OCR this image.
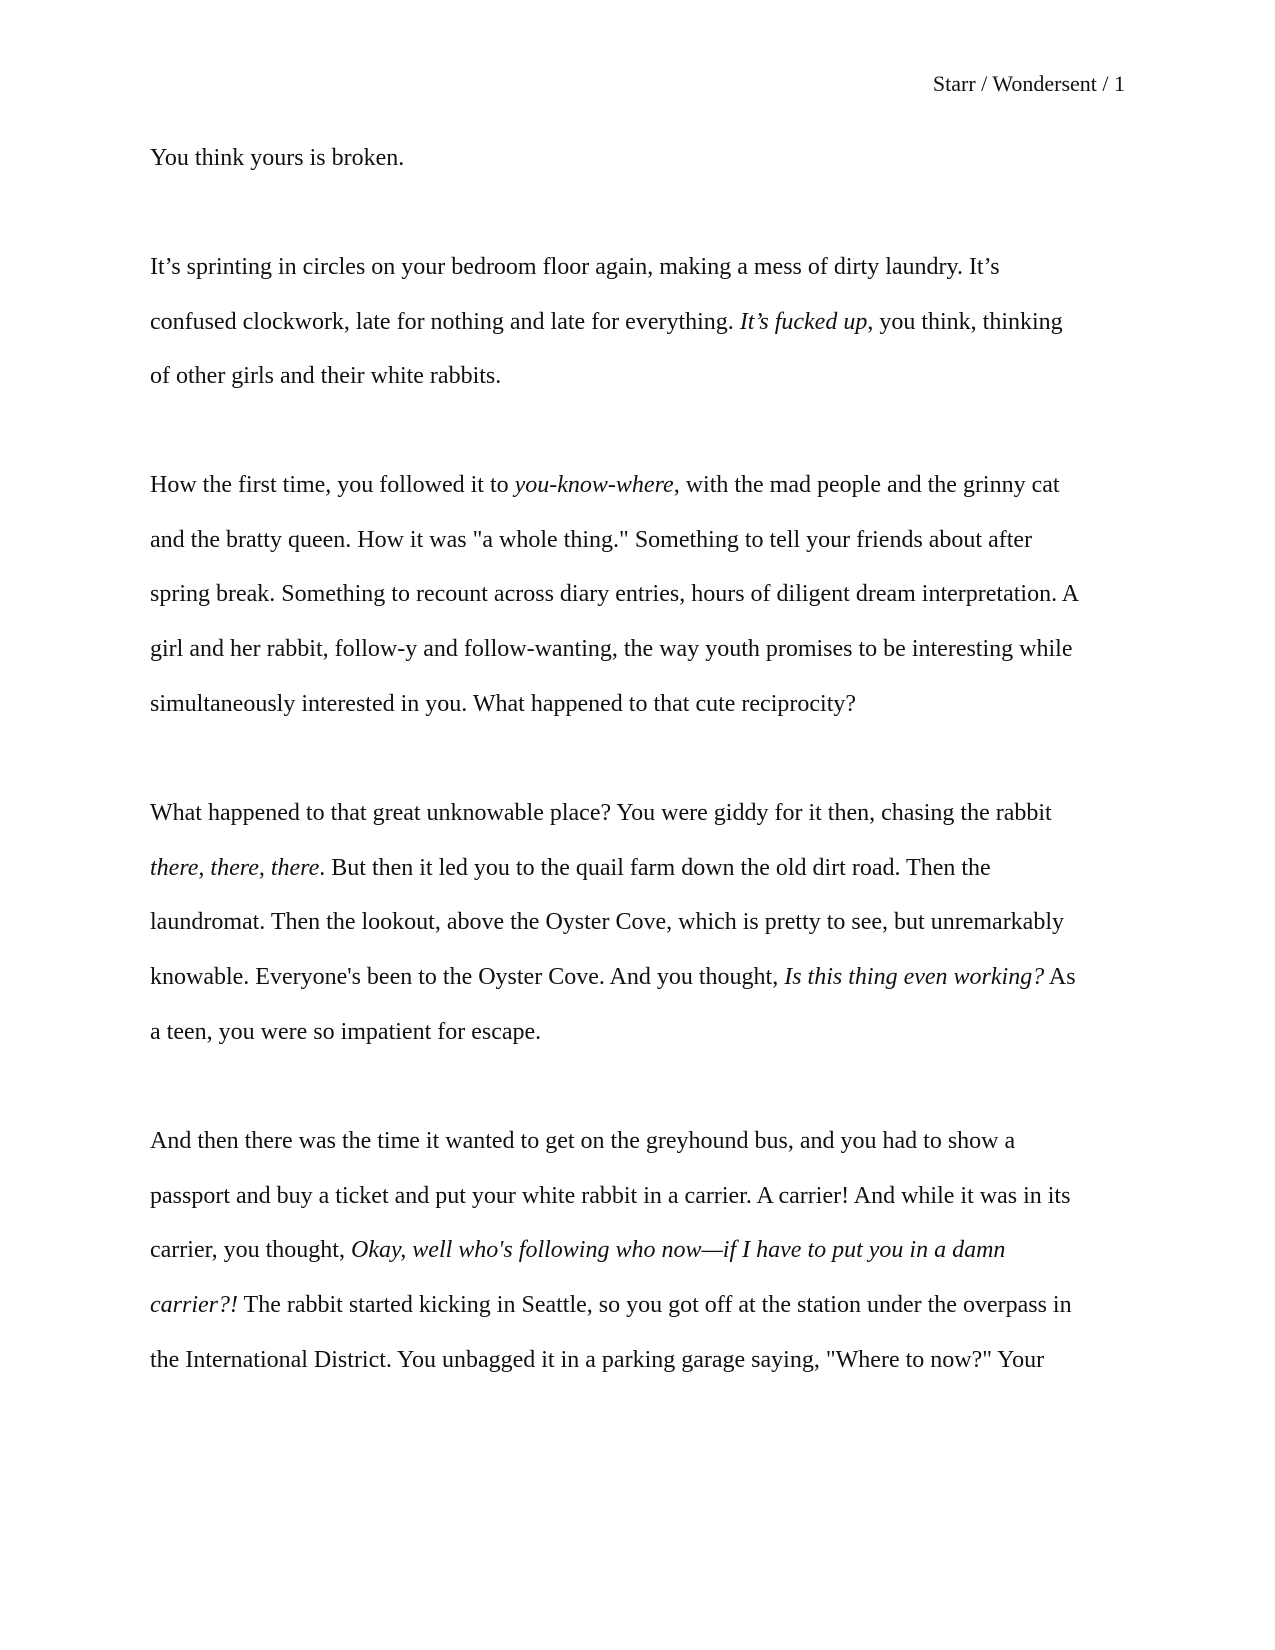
Starr / Wondersent / 1
You think yours is broken.
It’s sprinting in circles on your bedroom floor again, making a mess of dirty laundry. It’s
confused clockwork, late for nothing and late for everything. It’s fucked up, you think, thinking
of other girls and their white rabbits.
How the first time, you followed it to you-know-where, with the mad people and the grinny cat
and the bratty queen. How it was "a whole thing." Something to tell your friends about after
spring break. Something to recount across diary entries, hours of diligent dream interpretation. A
girl and her rabbit, follow-y and follow-wanting, the way youth promises to be interesting while
simultaneously interested in you. What happened to that cute reciprocity?
What happened to that great unknowable place? You were giddy for it then, chasing the rabbit
there, there, there. But then it led you to the quail farm down the old dirt road. Then the
laundromat. Then the lookout, above the Oyster Cove, which is pretty to see, but unremarkably
knowable. Everyone's been to the Oyster Cove. And you thought, Is this thing even working? As
a teen, you were so impatient for escape.
And then there was the time it wanted to get on the greyhound bus, and you had to show a
passport and buy a ticket and put your white rabbit in a carrier. A carrier! And while it was in its
carrier, you thought, Okay, well who's following who now—if I have to put you in a damn
carrier?! The rabbit started kicking in Seattle, so you got off at the station under the overpass in
the International District. You unbagged it in a parking garage saying, "Where to now?" Your
